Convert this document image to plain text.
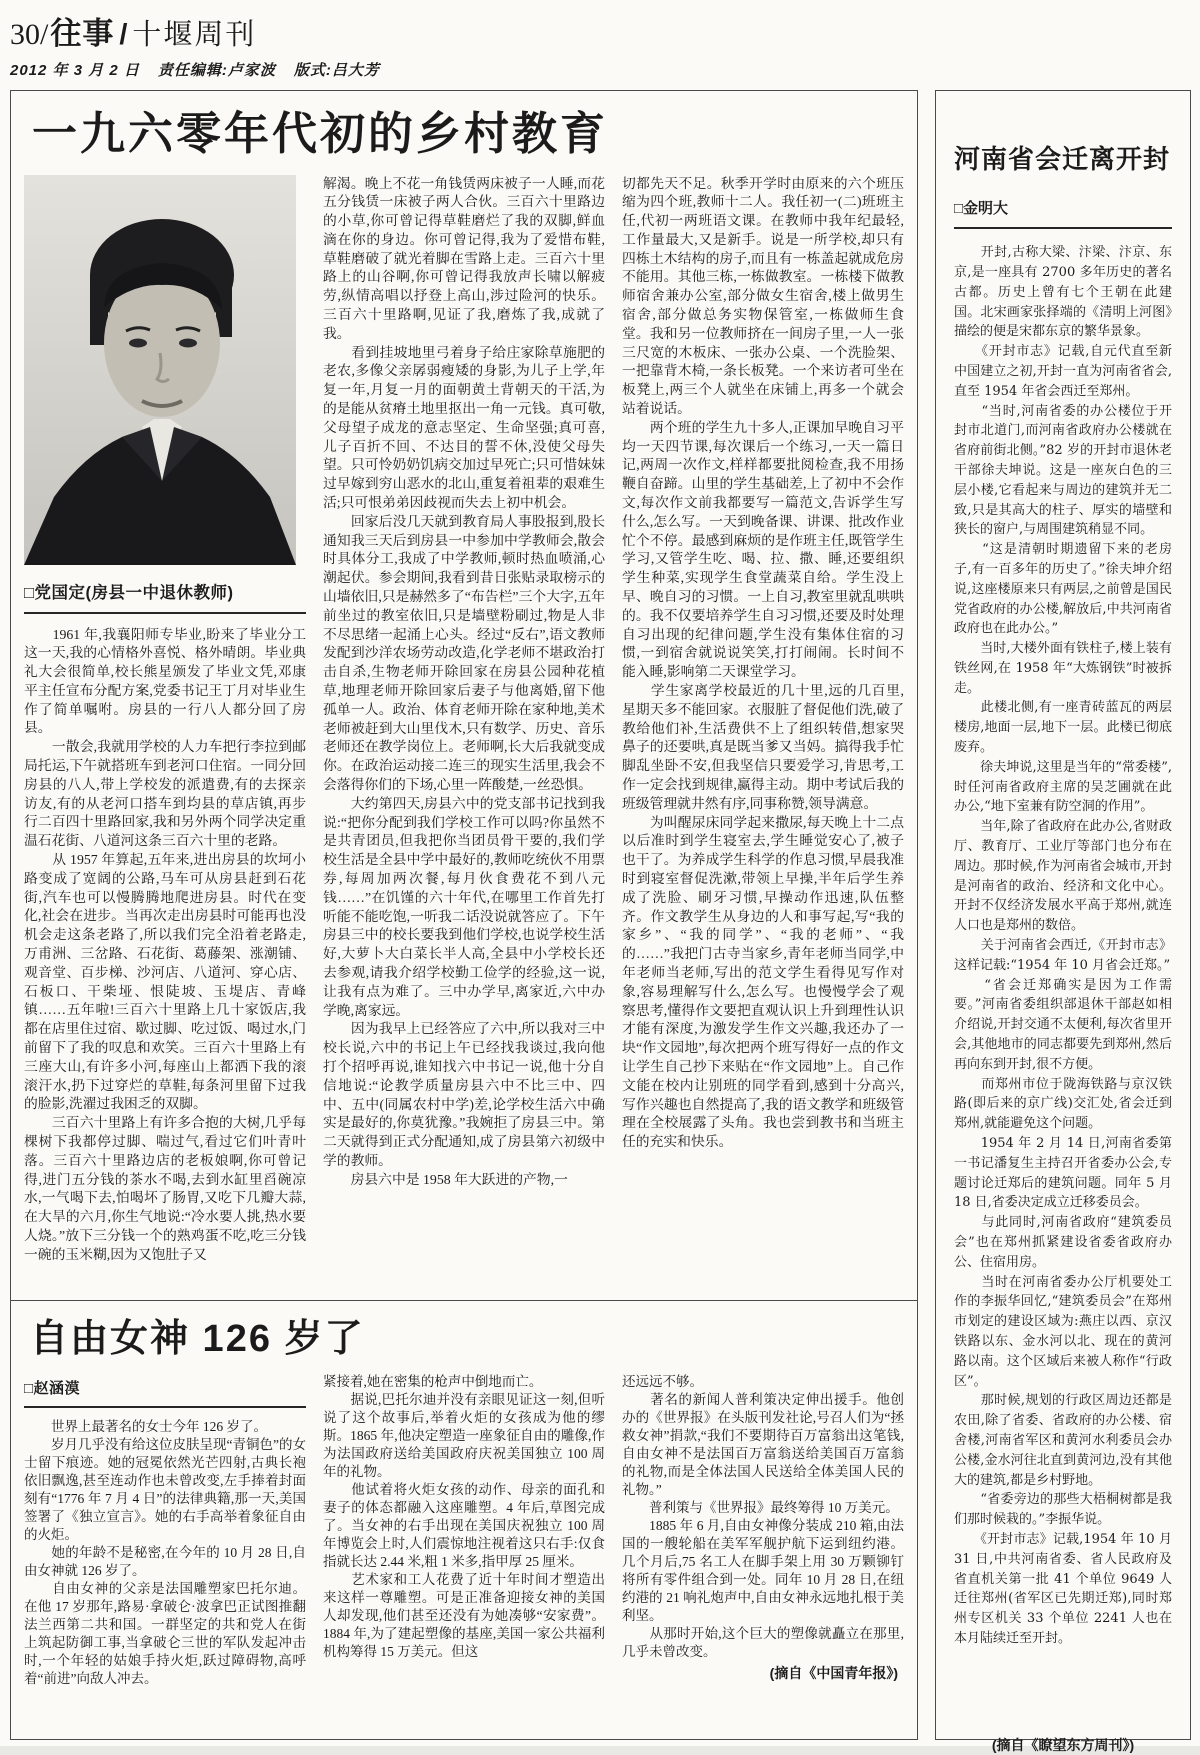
30/ 往事 / 十堰周刊
2012 年 3 月 2 日 责任编辑:卢家波 版式:吕大芳
一九六零年代初的乡村教育
□党国定(房县一中退休教师)

　　1961 年,我襄阳师专毕业,盼来了毕业分工这一天,我的心情格外喜悦、格外晴朗。毕业典礼大会很简单,校长熊星颁发了毕业文凭,邓康平主任宣布分配方案,党委书记王丁月对毕业生作了简单嘱咐。房县的一行八人都分回了房县。

　　一散会,我就用学校的人力车把行李拉到邮局托运,下午就搭班车到老河口住宿。一同分回房县的八人,带上学校发的派遣费,有的去探亲访友,有的从老河口搭车到均县的草店镇,再步行二百四十里路回家,我和另外两个同学决定重温石花街、八道河这条三百六十里的老路。

　　从 1957 年算起,五年来,进出房县的坎坷小路变成了宽阔的公路,马车可从房县赶到石花街,汽车也可以慢腾腾地爬进房县。时代在变化,社会在进步。当再次走出房县时可能再也没机会走这条老路了,所以我们完全沿着老路走,万甫洲、三岔路、石花街、葛藤架、涨潮铺、观音堂、百步梯、沙河店、八道河、穿心店、石板口、干柴垭、恨陡坡、玉堤店、青峰镇……五年啦!三百六十里路上几十家饭店,我都在店里住过宿、歇过脚、吃过饭、喝过水,门前留下了我的叹息和欢笑。三百六十里路上有三座大山,有许多小河,每座山上都洒下我的滚滚汗水,扔下过穿烂的草鞋,每条河里留下过我的脸影,洗濯过我困乏的双脚。

　　三百六十里路上有许多合抱的大树,几乎每棵树下我都停过脚、喘过气,看过它们叶青叶落。三百六十里路边店的老板娘啊,你可曾记得,进门五分钱的茶水不喝,去到水缸里舀碗凉水,一气喝下去,怕喝坏了肠胃,又吃下几瓣大蒜,在大旱的六月,你生气地说:“冷水要人挑,热水要人烧。”放下三分钱一个的熟鸡蛋不吃,吃三分钱一碗的玉米糊,因为又饱肚子又

解渴。晚上不花一角钱赁两床被子一人睡,而花五分钱赁一床被子两人合伙。三百六十里路边的小草,你可曾记得草鞋磨烂了我的双脚,鲜血滴在你的身边。你可曾记得,我为了爱惜布鞋,草鞋磨破了就光着脚在雪路上走。三百六十里路上的山谷啊,你可曾记得我放声长啸以解疲劳,纵情高唱以抒登上高山,涉过险河的快乐。三百六十里路啊,见证了我,磨炼了我,成就了我。

　　看到挂坡地里弓着身子给庄家除草施肥的老农,多像父亲孱弱瘦矮的身影,为儿子上学,年复一年,月复一月的面朝黄土背朝天的干活,为的是能从贫瘠土地里抠出一角一元钱。真可敬,父母望子成龙的意志坚定、生命坚强;真可喜,儿子百折不回、不达目的誓不休,没使父母失望。只可怜奶奶饥病交加过早死亡;只可惜妹妹过早嫁到穷山恶水的北山,重复着祖辈的艰难生活;只可恨弟弟因歧视而失去上初中机会。

　　回家后没几天就到教育局人事股报到,股长通知我三天后到房县一中参加中学教师会,散会时具体分工,我成了中学教师,顿时热血喷涌,心潮起伏。参会期间,我看到昔日张贴录取榜示的山墙依旧,只是赫然多了“布告栏”三个大字,五年前坐过的教室依旧,只是墙壁粉刷过,物是人非不尽思绪一起涌上心头。经过“反右”,语文教师发配到沙洋农场劳动改造,化学老师不堪政治打击自杀,生物老师开除回家在房县公园种花植草,地理老师开除回家后妻子与他离婚,留下他孤单一人。政治、体育老师开除在家种地,美术老师被赶到大山里伐木,只有数学、历史、音乐老师还在教学岗位上。老师啊,长大后我就变成你。在政治运动接二连三的现实生活里,我会不会落得你们的下场,心里一阵酸楚,一丝恐惧。

　　大约第四天,房县六中的党支部书记找到我说:“把你分配到我们学校工作可以吗?你虽然不是共青团员,但我把你当团员骨干要的,我们学校生活是全县中学中最好的,教师吃统伙不用票券,每周加两次餐,每月伙食费花不到八元钱……”在饥馑的六十年代,在哪里工作首先打听能不能吃饱,一听我二话没说就答应了。下午房县三中的校长要我到他们学校,也说学校生活好,大萝卜大白菜长半人高,全县中小学校长还去参观,请我介绍学校勤工俭学的经验,这一说,让我有点为难了。三中办学早,离家近,六中办学晚,离家远。

　　因为我早上已经答应了六中,所以我对三中校长说,六中的书记上午已经找我谈过,我向他打个招呼再说,谁知找六中书记一说,他十分自信地说:“论教学质量房县六中不比三中、四中、五中(同属农村中学)差,论学校生活六中确实是最好的,你莫犹豫。”我婉拒了房县三中。第二天就得到正式分配通知,成了房县第六初级中学的教师。

　　房县六中是 1958 年大跃进的产物,一

切都先天不足。秋季开学时由原来的六个班压缩为四个班,教师十二人。我任初一(二)班班主任,代初一两班语文课。在教师中我年纪最轻,工作量最大,又是新手。说是一所学校,却只有四栋土木结构的房子,而且有一栋盖起就成危房不能用。其他三栋,一栋做教室。一栋楼下做教师宿舍兼办公室,部分做女生宿舍,楼上做男生宿舍,部分做总务实物保管室,一栋做师生食堂。我和另一位教师挤在一间房子里,一人一张三尺宽的木板床、一张办公桌、一个洗脸架、一把靠背木椅,一条长板凳。一个来访者可坐在板凳上,两三个人就坐在床铺上,再多一个就会站着说话。

　　两个班的学生九十多人,正课加早晚自习平均一天四节课,每次课后一个练习,一天一篇日记,两周一次作文,样样都要批阅检查,我不用扬鞭自奋蹄。山里的学生基础差,上了初中不会作文,每次作文前我都要写一篇范文,告诉学生写什么,怎么写。一天到晚备课、讲课、批改作业忙个不停。最感到麻烦的是作班主任,既管学生学习,又管学生吃、喝、拉、撒、睡,还要组织学生种菜,实现学生食堂蔬菜自给。学生没上早、晚自习的习惯。一上自习,教室里就乱哄哄的。我不仅要培养学生自习习惯,还要及时处理自习出现的纪律问题,学生没有集体住宿的习惯,一到宿舍就说说笑笑,打打闹闹。长时间不能入睡,影响第二天课堂学习。

　　学生家离学校最近的几十里,远的几百里,星期天多不能回家。衣服脏了督促他们洗,破了教给他们补,生活费供不上了组织转借,想家哭鼻子的还要哄,真是既当爹又当妈。搞得我手忙脚乱坐卧不安,但我坚信只要爱学习,肯思考,工作一定会找到规律,赢得主动。期中考试后我的班级管理就井然有序,同事称赞,领导满意。

　　为叫醒尿床同学起来撒尿,每天晚上十二点以后准时到学生寝室去,学生睡觉安心了,被子也干了。为养成学生科学的作息习惯,早晨我准时到寝室督促洗漱,带领上早操,半年后学生养成了洗脸、刷牙习惯,早操动作迅速,队伍整齐。作文教学生从身边的人和事写起,写“我的家乡”、“我的同学”、“我的老师”、“我的……”我把门古寺当家乡,青年老师当同学,中年老师当老师,写出的范文学生看得见写作对象,容易理解写什么,怎么写。也慢慢学会了观察思考,懂得作文要把直观认识上升到理性认识才能有深度,为激发学生作文兴趣,我还办了一块“作文园地”,每次把两个班写得好一点的作文让学生自己抄下来贴在“作文园地”上。自己作文能在校内让别班的同学看到,感到十分高兴,写作兴趣也自然提高了,我的语文教学和班级管理在全校展露了头角。我也尝到教书和当班主任的充实和快乐。

自由女神 126 岁了
□赵涵漠

　　世界上最著名的女士今年 126 岁了。

　　岁月几乎没有给这位皮肤呈现“青铜色”的女士留下痕迹。她的冠冕依然光芒四射,古典长袍依旧飘逸,甚至连动作也未曾改变,左手捧着封面刻有“1776 年 7 月 4 日”的法律典籍,那一天,美国签署了《独立宣言》。她的右手高举着象征自由的火炬。

　　她的年龄不是秘密,在今年的 10 月 28 日,自由女神就 126 岁了。

　　自由女神的父亲是法国雕塑家巴托尔迪。在他 17 岁那年,路易·拿破仑·波拿巴正试图推翻法兰西第二共和国。一群坚定的共和党人在街上筑起防御工事,当拿破仑三世的军队发起冲击时,一个年轻的姑娘手持火炬,跃过障碍物,高呼着“前进”向敌人冲去。

紧接着,她在密集的枪声中倒地而亡。

　　据说,巴托尔迪并没有亲眼见证这一刻,但听说了这个故事后,举着火炬的女孩成为他的缪斯。1865 年,他决定塑造一座象征自由的雕像,作为法国政府送给美国政府庆祝美国独立 100 周年的礼物。

　　他试着将火炬女孩的动作、母亲的面孔和妻子的体态都融入这座雕塑。4 年后,草图完成了。当女神的右手出现在美国庆祝独立 100 周年博览会上时,人们震惊地注视着这只右手:仅食指就长达 2.44 米,粗 1 米多,指甲厚 25 厘米。

　　艺术家和工人花费了近十年时间才塑造出来这样一尊雕塑。可是正准备迎接女神的美国人却发现,他们甚至还没有为她凑够“安家费”。1884 年,为了建起塑像的基座,美国一家公共福利机构筹得 15 万美元。但这

还远远不够。

　　著名的新闻人普利策决定伸出援手。他创办的《世界报》在头版刊发社论,号召人们为“拯救女神”捐款,“我们不要期待百万富翁出这笔钱,自由女神不是法国百万富翁送给美国百万富翁的礼物,而是全体法国人民送给全体美国人民的礼物。”

　　普利策与《世界报》最终筹得 10 万美元。

　　1885 年 6 月,自由女神像分装成 210 箱,由法国的一艘轮船在美军军舰护航下运到纽约港。几个月后,75 名工人在脚手架上用 30 万颗铆钉将所有零件组合到一处。同年 10 月 28 日,在纽约港的 21 响礼炮声中,自由女神永远地扎根于美利坚。

　　从那时开始,这个巨大的塑像就矗立在那里,几乎未曾改变。

(摘自《中国青年报》)
河南省会迁离开封
□金明大

　　开封,古称大梁、汴梁、汴京、东京,是一座具有 2700 多年历史的著名古都。历史上曾有七个王朝在此建国。北宋画家张择端的《清明上河图》描绘的便是宋都东京的繁华景象。

　　《开封市志》记载,自元代直至新中国建立之初,开封一直为河南省省会,直至 1954 年省会西迁至郑州。

　　“当时,河南省委的办公楼位于开封市北道门,而河南省政府办公楼就在省府前街北侧。”82 岁的开封市退休老干部徐夫坤说。这是一座灰白色的三层小楼,它看起来与周边的建筑并无二致,只是其高大的柱子、厚实的墙壁和狭长的窗户,与周围建筑稍显不同。

　　“这是清朝时期遗留下来的老房子,有一百多年的历史了。”徐夫坤介绍说,这座楼原来只有两层,之前曾是国民党省政府的办公楼,解放后,中共河南省政府也在此办公。”

　　当时,大楼外面有铁柱子,楼上装有铁丝网,在 1958 年“大炼钢铁”时被拆走。

　　此楼北侧,有一座青砖蓝瓦的两层楼房,地面一层,地下一层。此楼已彻底废弃。

　　徐夫坤说,这里是当年的“常委楼”,时任河南省政府主席的吴芝圃就在此办公,“地下室兼有防空洞的作用”。

　　当年,除了省政府在此办公,省财政厅、教育厅、工业厅等部门也分布在周边。那时候,作为河南省会城市,开封是河南省的政治、经济和文化中心。开封不仅经济发展水平高于郑州,就连人口也是郑州的数倍。

　　关于河南省会西迁,《开封市志》这样记载:“1954 年 10 月省会迁郑。”

　　“省会迁郑确实是因为工作需要。”河南省委组织部退休干部赵如相介绍说,开封交通不太便利,每次省里开会,其他地市的同志都要先到郑州,然后再向东到开封,很不方便。

　　而郑州市位于陇海铁路与京汉铁路(即后来的京广线)交汇处,省会迁到郑州,就能避免这个问题。

　　1954 年 2 月 14 日,河南省委第一书记潘复生主持召开省委办公会,专题讨论迁郑后的建筑问题。同年 5 月 18 日,省委决定成立迁移委员会。

　　与此同时,河南省政府“建筑委员会”也在郑州抓紧建设省委省政府办公、住宿用房。

　　当时在河南省委办公厅机要处工作的李振华回忆,“建筑委员会”在郑州市划定的建设区域为:燕庄以西、京汉铁路以东、金水河以北、现在的黄河路以南。这个区域后来被人称作“行政区”。

　　那时候,规划的行政区周边还都是农田,除了省委、省政府的办公楼、宿舍楼,河南省军区和黄河水利委员会办公楼,金水河往北直到黄河边,没有其他大的建筑,都是乡村野地。

　　“省委旁边的那些大梧桐树都是我们那时候栽的。”李振华说。

　　《开封市志》记载,1954 年 10 月 31 日,中共河南省委、省人民政府及省直机关第一批 41 个单位 9649 人迁往郑州(省军区已先期迁郑),同时郑州专区机关 33 个单位 2241 人也在本月陆续迁至开封。

(摘自《瞭望东方周刊》)
